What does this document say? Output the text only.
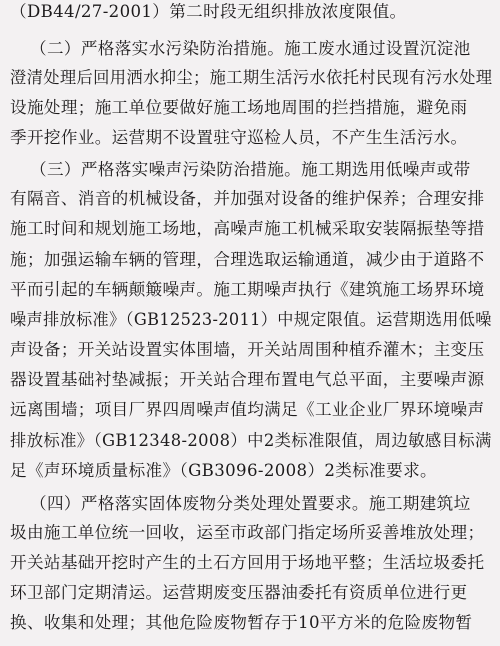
（DB44/27-2001）第二时段无组织排放浓度限值。
（二）严格落实水污染防治措施。施工废水通过设置沉淀池
澄清处理后回用洒水抑尘；施工期生活污水依托村民现有污水处理
设施处理；施工单位要做好施工场地周围的拦挡措施，避免雨
季开挖作业。运营期不设置驻守巡检人员，不产生生活污水。
（三）严格落实噪声污染防治措施。施工期选用低噪声或带
有隔音、消音的机械设备，并加强对设备的维护保养；合理安排
施工时间和规划施工场地，高噪声施工机械采取安装隔振垫等措
施；加强运输车辆的管理，合理选取运输通道，减少由于道路不
平而引起的车辆颠簸噪声。施工期噪声执行《建筑施工场界环境
噪声排放标准》（GB12523-2011）中规定限值。运营期选用低噪
声设备；开关站设置实体围墙，开关站周围种植乔灌木；主变压
器设置基础衬垫减振；开关站合理布置电气总平面，主要噪声源
远离围墙；项目厂界四周噪声值均满足《工业企业厂界环境噪声
排放标准》（GB12348-2008）中2类标准限值，周边敏感目标满
足《声环境质量标准》（GB3096-2008）2类标准要求。
（四）严格落实固体废物分类处理处置要求。施工期建筑垃
圾由施工单位统一回收，运至市政部门指定场所妥善堆放处理；
开关站基础开挖时产生的土石方回用于场地平整；生活垃圾委托
环卫部门定期清运。运营期废变压器油委托有资质单位进行更
换、收集和处理；其他危险废物暂存于10平方米的危险废物暂
